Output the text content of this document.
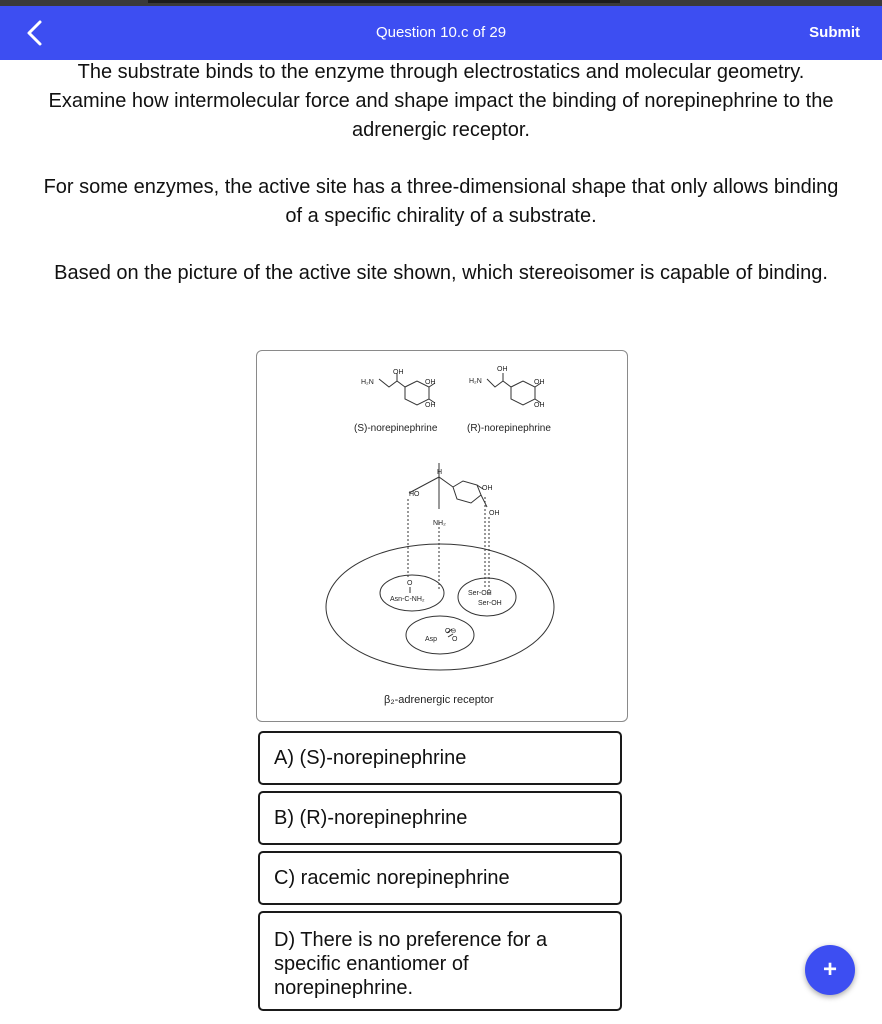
Question 10.c of 29	Submit
The substrate binds to the enzyme through electrostatics and molecular geometry. Examine how intermolecular force and shape impact the binding of norepinephrine to the adrenergic receptor.
For some enzymes, the active site has a three-dimensional shape that only allows binding of a specific chirality of a substrate.
Based on the picture of the active site shown, which stereoisomer is capable of binding.
OH
H₂N	OH
OH
OH
H₂N	OH
OH
(S)-norepinephrine	(R)-norepinephrine
H
HO
OH
OH
NH₂
O
Asn-C-NH₂
Ser-OH
Ser-OH
Asp
O⊖
O
β₂-adrenergic receptor
A) (S)-norepinephrine
B) (R)-norepinephrine
C) racemic norepinephrine
D) There is no preference for a specific enantiomer of norepinephrine.
+
